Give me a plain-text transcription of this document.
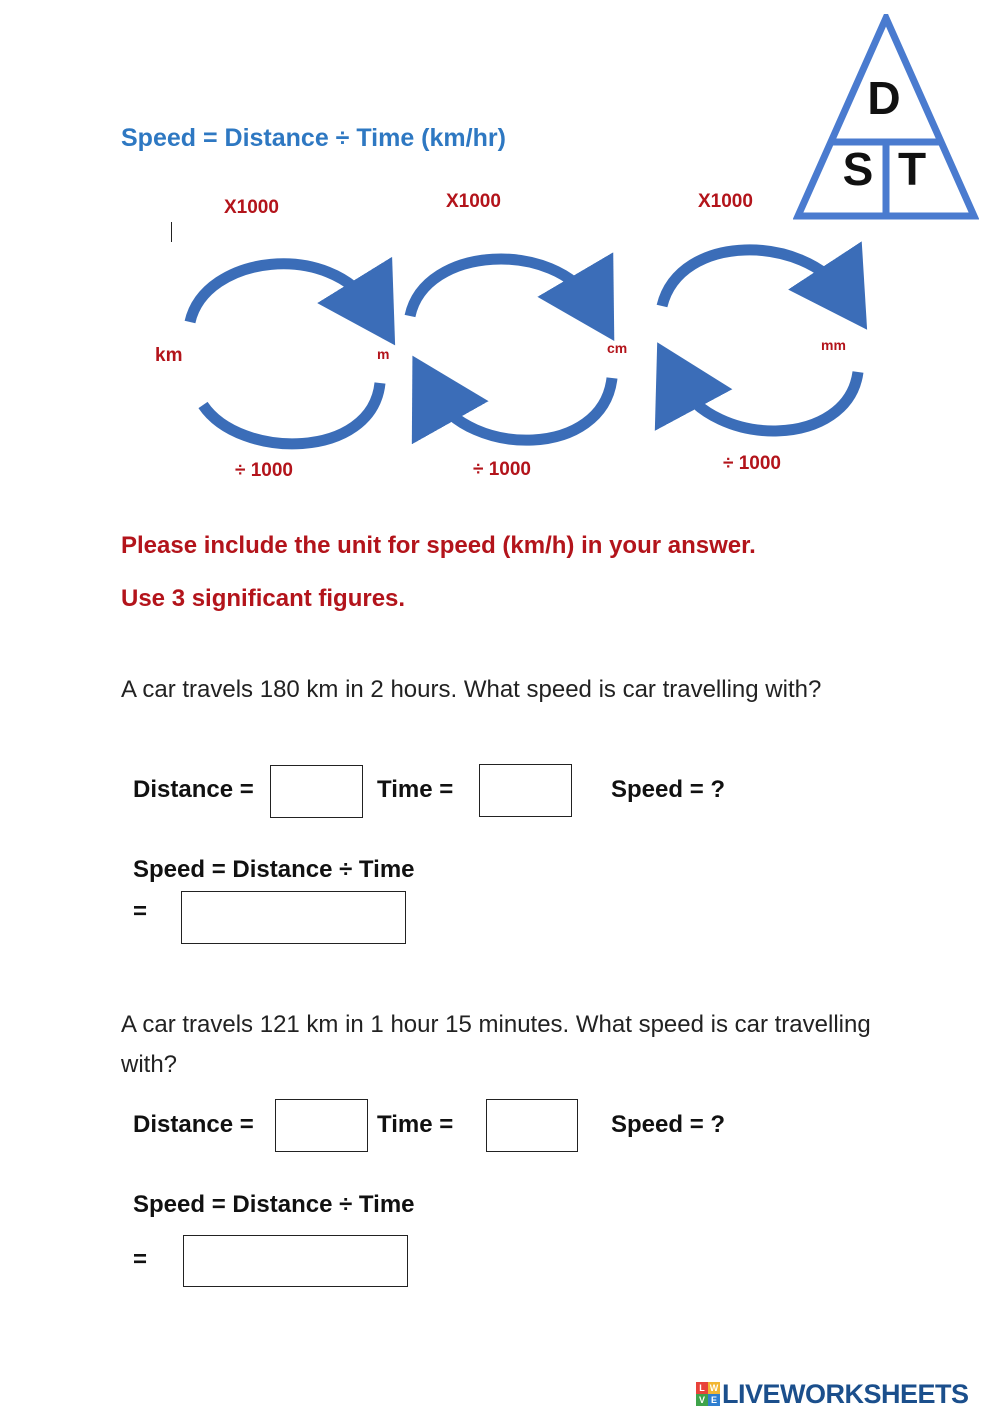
Speed = Distance ÷ Time (km/hr)
D
S T
X1000	X1000	X1000
km	m	cm	mm
÷ 1000	÷ 1000	÷ 1000
Please include the unit for speed (km/h) in your answer.
Use 3 significant figures.
A car travels 180 km in 2 hours. What speed is car travelling with?
Distance =	Time =	Speed = ?
Speed = Distance ÷ Time
=
A car travels 121 km in 1 hour 15 minutes. What speed is car travelling with?
Distance =	Time =	Speed = ?
Speed = Distance ÷ Time
=
L W
V E LIVEWORKSHEETS
